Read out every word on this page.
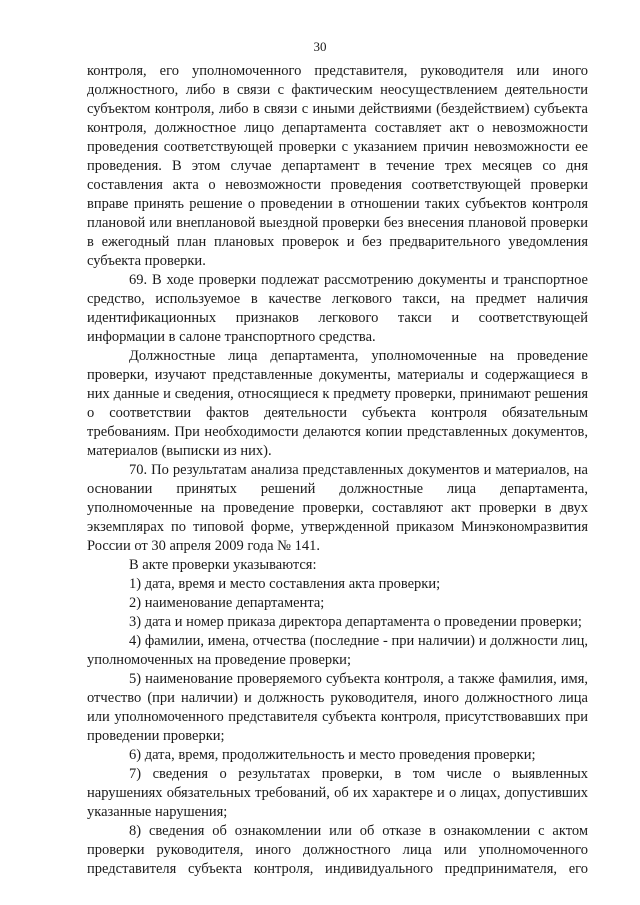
30

контроля, его уполномоченного представителя, руководителя или иного должностного, либо в связи с фактическим неосуществлением деятельности субъектом контроля, либо в связи с иными действиями (бездействием) субъекта контроля, должностное лицо департамента составляет акт о невозможности проведения соответствующей проверки с указанием причин невозможности ее проведения. В этом случае департамент в течение трех месяцев со дня составления акта о невозможности проведения соответствующей проверки вправе принять решение о проведении в отношении таких субъектов контроля плановой или внеплановой выездной проверки без внесения плановой проверки в ежегодный план плановых проверок и без предварительного уведомления субъекта проверки.

69. В ходе проверки подлежат рассмотрению документы и транспортное средство, используемое в качестве легкового такси, на предмет наличия идентификационных признаков легкового такси и соответствующей информации в салоне транспортного средства.

Должностные лица департамента, уполномоченные на проведение проверки, изучают представленные документы, материалы и содержащиеся в них данные и сведения, относящиеся к предмету проверки, принимают решения о соответствии фактов деятельности субъекта контроля обязательным требованиям. При необходимости делаются копии представленных документов, материалов (выписки из них).

70. По результатам анализа представленных документов и материалов, на основании принятых решений должностные лица департамента, уполномоченные на проведение проверки, составляют акт проверки в двух экземплярах по типовой форме, утвержденной приказом Минэкономразвития России от 30 апреля 2009 года № 141.

В акте проверки указываются:

1) дата, время и место составления акта проверки;

2) наименование департамента;

3) дата и номер приказа директора департамента о проведении проверки;

4) фамилии, имена, отчества (последние - при наличии) и должности лиц, уполномоченных на проведение проверки;

5) наименование проверяемого субъекта контроля, а также фамилия, имя, отчество (при наличии) и должность руководителя, иного должностного лица или уполномоченного представителя субъекта контроля, присутствовавших при проведении проверки;

6) дата, время, продолжительность и место проведения проверки;

7) сведения о результатах проверки, в том числе о выявленных нарушениях обязательных требований, об их характере и о лицах, допустивших указанные нарушения;

8) сведения об ознакомлении или об отказе в ознакомлении с актом проверки руководителя, иного должностного лица или уполномоченного представителя субъекта контроля, индивидуального предпринимателя, его
